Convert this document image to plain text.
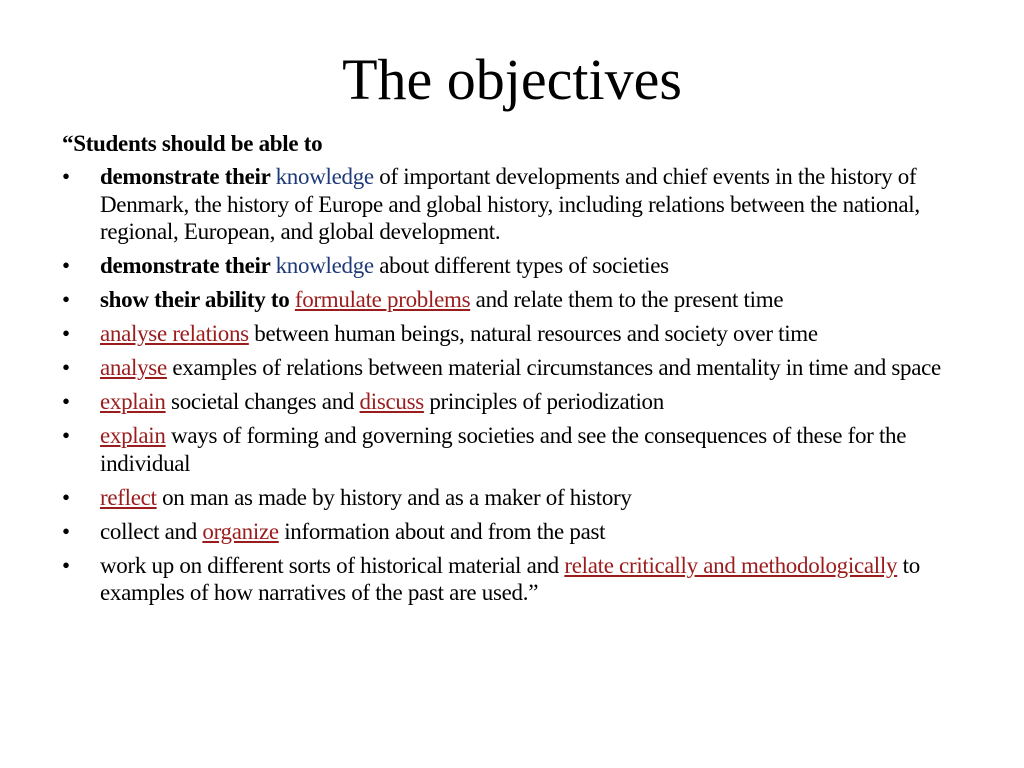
The objectives
“Students should be able to
• demonstrate their knowledge of important developments and chief events in the history of Denmark, the history of Europe and global history, including relations between the national, regional, European, and global development.
• demonstrate their knowledge about different types of societies
• show their ability to formulate problems and relate them to the present time
• analyse relations between human beings, natural resources and society over time
• analyse examples of relations between material circumstances and mentality in time and space
• explain societal changes and discuss principles of periodization
• explain ways of forming and governing societies and see the consequences of these for the individual
• reflect on man as made by history and as a maker of history
• collect and organize information about and from the past
• work up on different sorts of historical material and relate critically and methodologically to examples of how narratives of the past are used.”
